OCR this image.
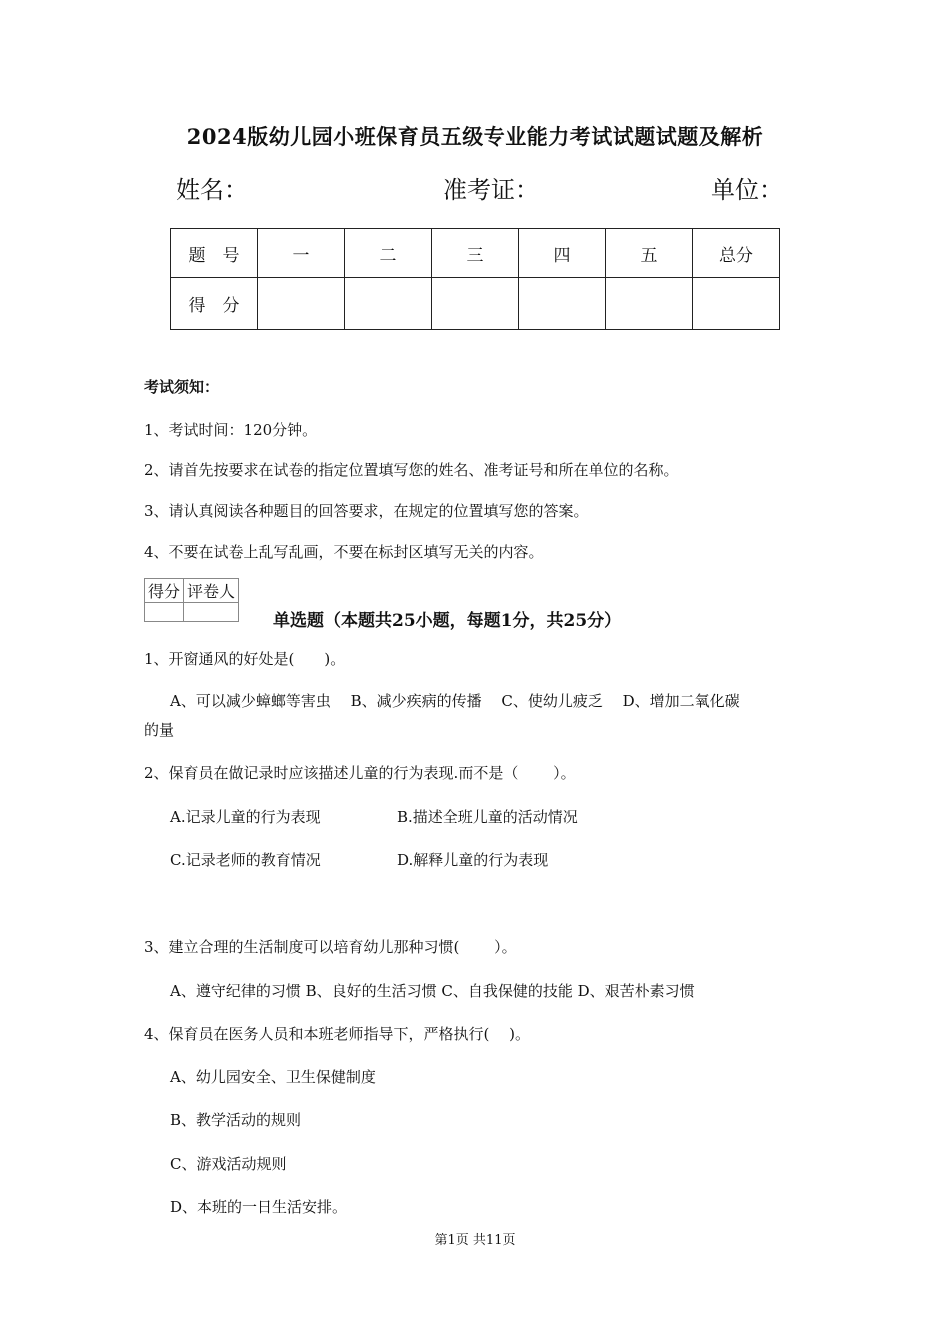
2024版幼儿园小班保育员五级专业能力考试试题试题及解析
姓名：	准考证：	单位：
题　号	一	二	三	四	五	总分
得　分						
考试须知：
1、考试时间：120分钟。
2、请首先按要求在试卷的指定位置填写您的姓名、准考证号和所在单位的名称。
3、请认真阅读各种题目的回答要求，在规定的位置填写您的答案。
4、不要在试卷上乱写乱画，不要在标封区填写无关的内容。
得分	评卷人

单选题（本题共25小题，每题1分，共25分）
1、开窗通风的好处是(　　)。
A、可以减少蟑螂等害虫　 B、减少疾病的传播　 C、使幼儿疲乏　 D、增加二氧化碳
的量
2、保育员在做记录时应该描述儿童的行为表现.而不是（　　 ）。
A.记录儿童的行为表现	B.描述全班儿童的活动情况
C.记录老师的教育情况	D.解释儿童的行为表现
3、建立合理的生活制度可以培育幼儿那种习惯(　　 ）。
A、遵守纪律的习惯 B、良好的生活习惯 C、自我保健的技能 D、艰苦朴素习惯
4、保育员在医务人员和本班老师指导下，严格执行(　 )。
A、幼儿园安全、卫生保健制度
B、教学活动的规则
C、游戏活动规则
D、本班的一日生活安排。
第1页 共11页
